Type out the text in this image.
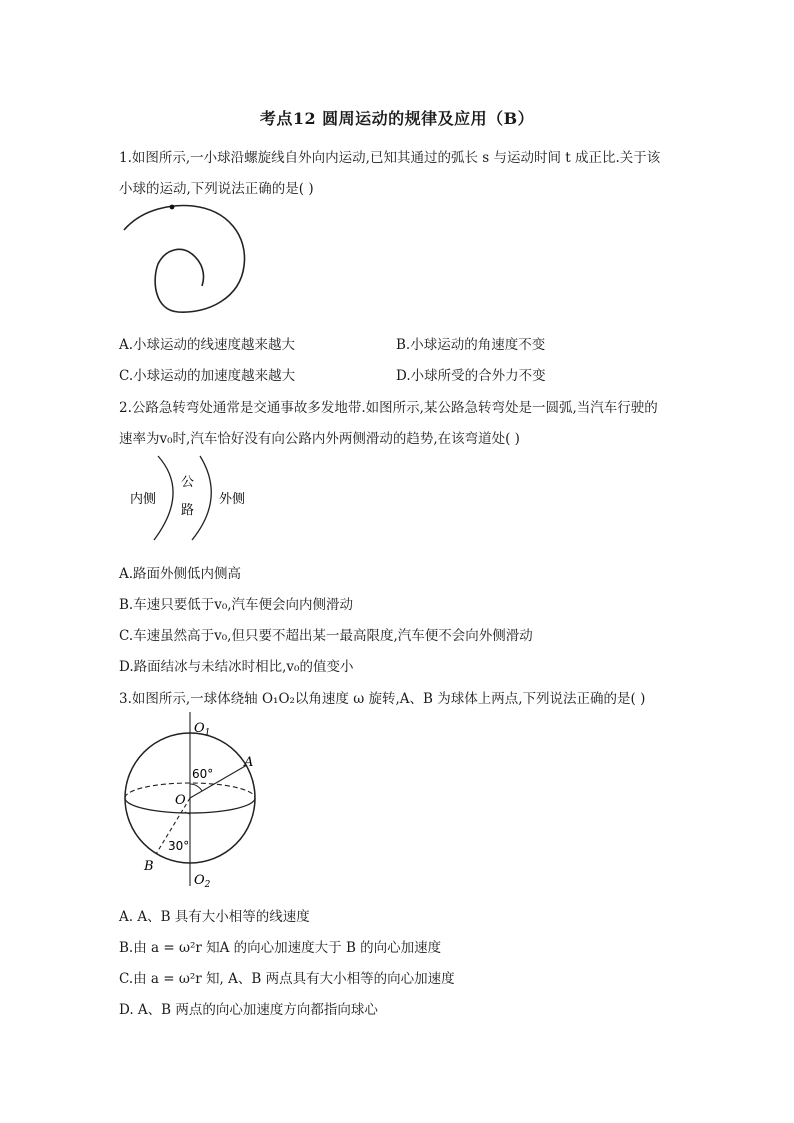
考点12 圆周运动的规律及应用（B）
1.如图所示,一小球沿螺旋线自外向内运动,已知其通过的弧长 s 与运动时间 t 成正比.关于该
小球的运动,下列说法正确的是( )
A.小球运动的线速度越来越大	B.小球运动的角速度不变
C.小球运动的加速度越来越大	D.小球所受的合外力不变
2.公路急转弯处通常是交通事故多发地带.如图所示,某公路急转弯处是一圆弧,当汽车行驶的
速率为v₀时,汽车恰好没有向公路内外两侧滑动的趋势,在该弯道处( )
内侧
公
路
外侧
A.路面外侧低内侧高
B.车速只要低于v₀,汽车便会向内侧滑动
C.车速虽然高于v₀,但只要不超出某一最高限度,汽车便不会向外侧滑动
D.路面结冰与未结冰时相比,v₀的值变小
3.如图所示,一球体绕轴 O₁O₂以角速度 ω 旋转,A、B 为球体上两点,下列说法正确的是( )
$O_1$
$O_2$
O
A
B
60°
30°
A. A、B 具有大小相等的线速度
B.由 a = ω²r 知A 的向心加速度大于 B 的向心加速度
C.由 a = ω²r 知, A、B 两点具有大小相等的向心加速度
D. A、B 两点的向心加速度方向都指向球心
